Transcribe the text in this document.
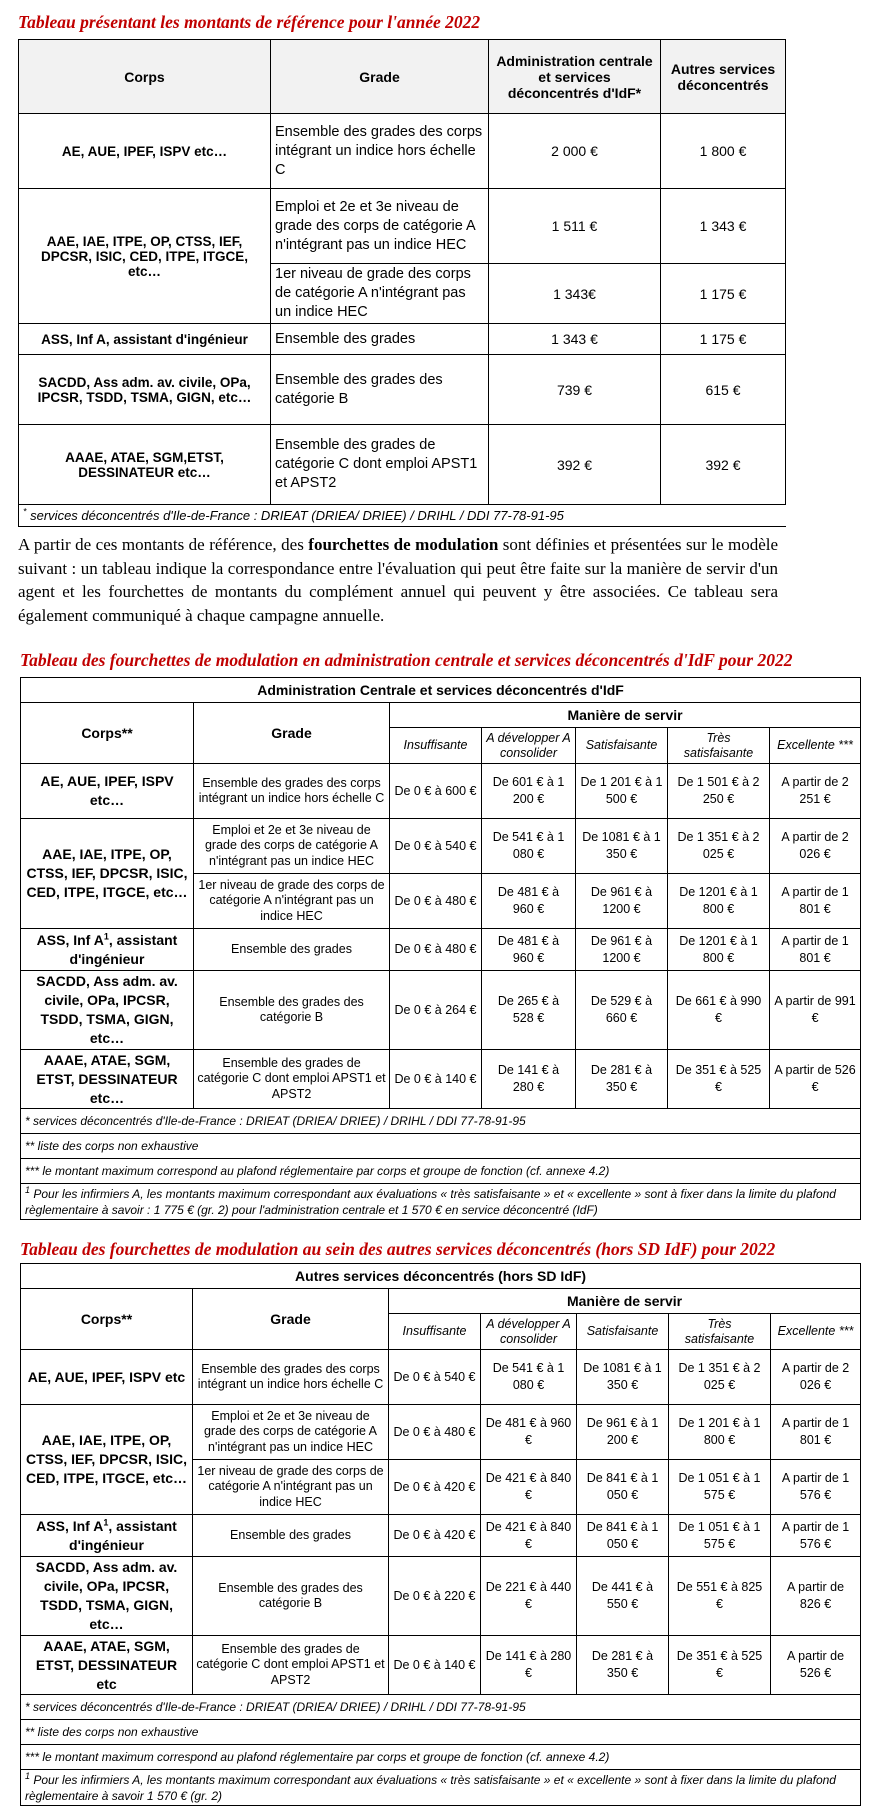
Tableau présentant les montants de référence pour l'année 2022
Corps	Grade	Administration centrale et services déconcentrés d'IdF*	Autres services déconcentrés
AE, AUE, IPEF, ISPV etc…	Ensemble des grades des corps intégrant un indice hors échelle C	2 000 €	1 800 €
AAE, IAE, ITPE, OP, CTSS, IEF, DPCSR, ISIC, CED, ITPE, ITGCE, etc…	Emploi et 2e et 3e niveau de grade des corps de catégorie A n'intégrant pas un indice HEC	1 511 €	1 343 €
	1er niveau de grade des corps de catégorie A n'intégrant pas un indice HEC	1 343€	1 175 €
ASS, Inf A, assistant d'ingénieur	Ensemble des grades	1 343 €	1 175 €
SACDD, Ass adm. av. civile, OPa, IPCSR, TSDD, TSMA, GIGN, etc…	Ensemble des grades des catégorie B	739 €	615 €
AAAE, ATAE, SGM,ETST, DESSINATEUR etc…	Ensemble des grades de catégorie C dont emploi APST1 et APST2	392 €	392 €
* services déconcentrés d'Ile-de-France : DRIEAT (DRIEA/ DRIEE) / DRIHL / DDI 77-78-91-95			
A partir de ces montants de référence, des fourchettes de modulation sont définies et présentées sur le modèle suivant : un tableau indique la correspondance entre l'évaluation qui peut être faite sur la manière de servir d'un agent et les fourchettes de montants du complément annuel qui peuvent y être associées. Ce tableau sera également communiqué à chaque campagne annuelle.
Tableau des fourchettes de modulation en administration centrale et services déconcentrés d'IdF pour 2022
Administration Centrale et services déconcentrés d'IdF						
Corps**	Grade	Manière de servir				
		Insuffisante	A développer A consolider	Satisfaisante	Très satisfaisante	Excellente ***
AE, AUE, IPEF, ISPV etc…	Ensemble des grades des corps intégrant un indice hors échelle C	De 0 € à 600 €	De 601 € à 1 200 €	De 1 201 € à 1 500 €	De 1 501 € à 2 250 €	A partir de 2 251 €
AAE, IAE, ITPE, OP, CTSS, IEF, DPCSR, ISIC, CED, ITPE, ITGCE, etc…	Emploi et 2e et 3e niveau de grade des corps de catégorie A n'intégrant pas un indice HEC	De 0 € à 540 €	De 541 € à 1 080 €	De 1081 € à 1 350 €	De 1 351 € à 2 025 €	A partir de 2 026 €
	1er niveau de grade des corps de catégorie A n'intégrant pas un indice HEC	De 0 € à 480 €	De 481 € à 960 €	De 961 € à 1200 €	De 1201 € à 1 800 €	A partir de 1 801 €
ASS, Inf $A^1$, assistant d'ingénieur	Ensemble des grades	De 0 € à 480 €	De 481 € à 960 €	De 961 € à 1200 €	De 1201 € à 1 800 €	A partir de 1 801 €
SACDD, Ass adm. av. civile, OPa, IPCSR, TSDD, TSMA, GIGN, etc…	Ensemble des grades des catégorie B	De 0 € à 264 €	De 265 € à 528 €	De 529 € à 660 €	De 661 € à 990 €	A partir de 991 €
AAAE, ATAE, SGM, ETST, DESSINATEUR etc…	Ensemble des grades de catégorie C dont emploi APST1 et APST2	De 0 € à 140 €	De 141 € à 280 €	De 281 € à 350 €	De 351 € à 525 €	A partir de 526 €
* services déconcentrés d'Ile-de-France : DRIEAT (DRIEA/ DRIEE) / DRIHL / DDI 77-78-91-95						
** liste des corps non exhaustive						
*** le montant maximum correspond au plafond réglementaire par corps et groupe de fonction (cf. annexe 4.2)						
$^1$ Pour les infirmiers A, les montants maximum correspondant aux évaluations « très satisfaisante » et « excellente » sont à fixer dans la limite du plafond règlementaire à savoir : 1 775 € (gr. 2) pour l'administration centrale et 1 570 € en service déconcentré (IdF)						
Tableau des fourchettes de modulation au sein des autres services déconcentrés (hors SD IdF) pour 2022
Autres services déconcentrés (hors SD IdF)						
Corps**	Grade	Manière de servir				
		Insuffisante	A développer A consolider	Satisfaisante	Très satisfaisante	Excellente ***
AE, AUE, IPEF, ISPV etc	Ensemble des grades des corps intégrant un indice hors échelle C	De 0 € à 540 €	De 541 € à 1 080 €	De 1081 € à 1 350 €	De 1 351 € à 2 025 €	A partir de 2 026 €
AAE, IAE, ITPE, OP, CTSS, IEF, DPCSR, ISIC, CED, ITPE, ITGCE, etc…	Emploi et 2e et 3e niveau de grade des corps de catégorie A n'intégrant pas un indice HEC	De 0 € à 480 €	De 481 € à 960 €	De 961 € à 1 200 €	De 1 201 € à 1 800 €	A partir de 1 801 €
	1er niveau de grade des corps de catégorie A n'intégrant pas un indice HEC	De 0 € à 420 €	De 421 € à 840 €	De 841 € à 1 050 €	De 1 051 € à 1 575 €	A partir de 1 576 €
ASS, Inf $A^1$, assistant d'ingénieur	Ensemble des grades	De 0 € à 420 €	De 421 € à 840 €	De 841 € à 1 050 €	De 1 051 € à 1 575 €	A partir de 1 576 €
SACDD, Ass adm. av. civile, OPa, IPCSR, TSDD, TSMA, GIGN, etc…	Ensemble des grades des catégorie B	De 0 € à 220 €	De 221 € à 440 €	De 441 € à 550 €	De 551 € à 825 €	A partir de 826 €
AAAE, ATAE, SGM, ETST, DESSINATEUR etc	Ensemble des grades de catégorie C dont emploi APST1 et APST2	De 0 € à 140 €	De 141 € à 280 €	De 281 € à 350 €	De 351 € à 525 €	A partir de 526 €
* services déconcentrés d'Ile-de-France : DRIEAT (DRIEA/ DRIEE) / DRIHL / DDI 77-78-91-95						
** liste des corps non exhaustive						
*** le montant maximum correspond au plafond réglementaire par corps et groupe de fonction (cf. annexe 4.2)						
$^1$ Pour les infirmiers A, les montants maximum correspondant aux évaluations « très satisfaisante » et « excellente » sont à fixer dans la limite du plafond règlementaire à savoir 1 570 € (gr. 2)						
